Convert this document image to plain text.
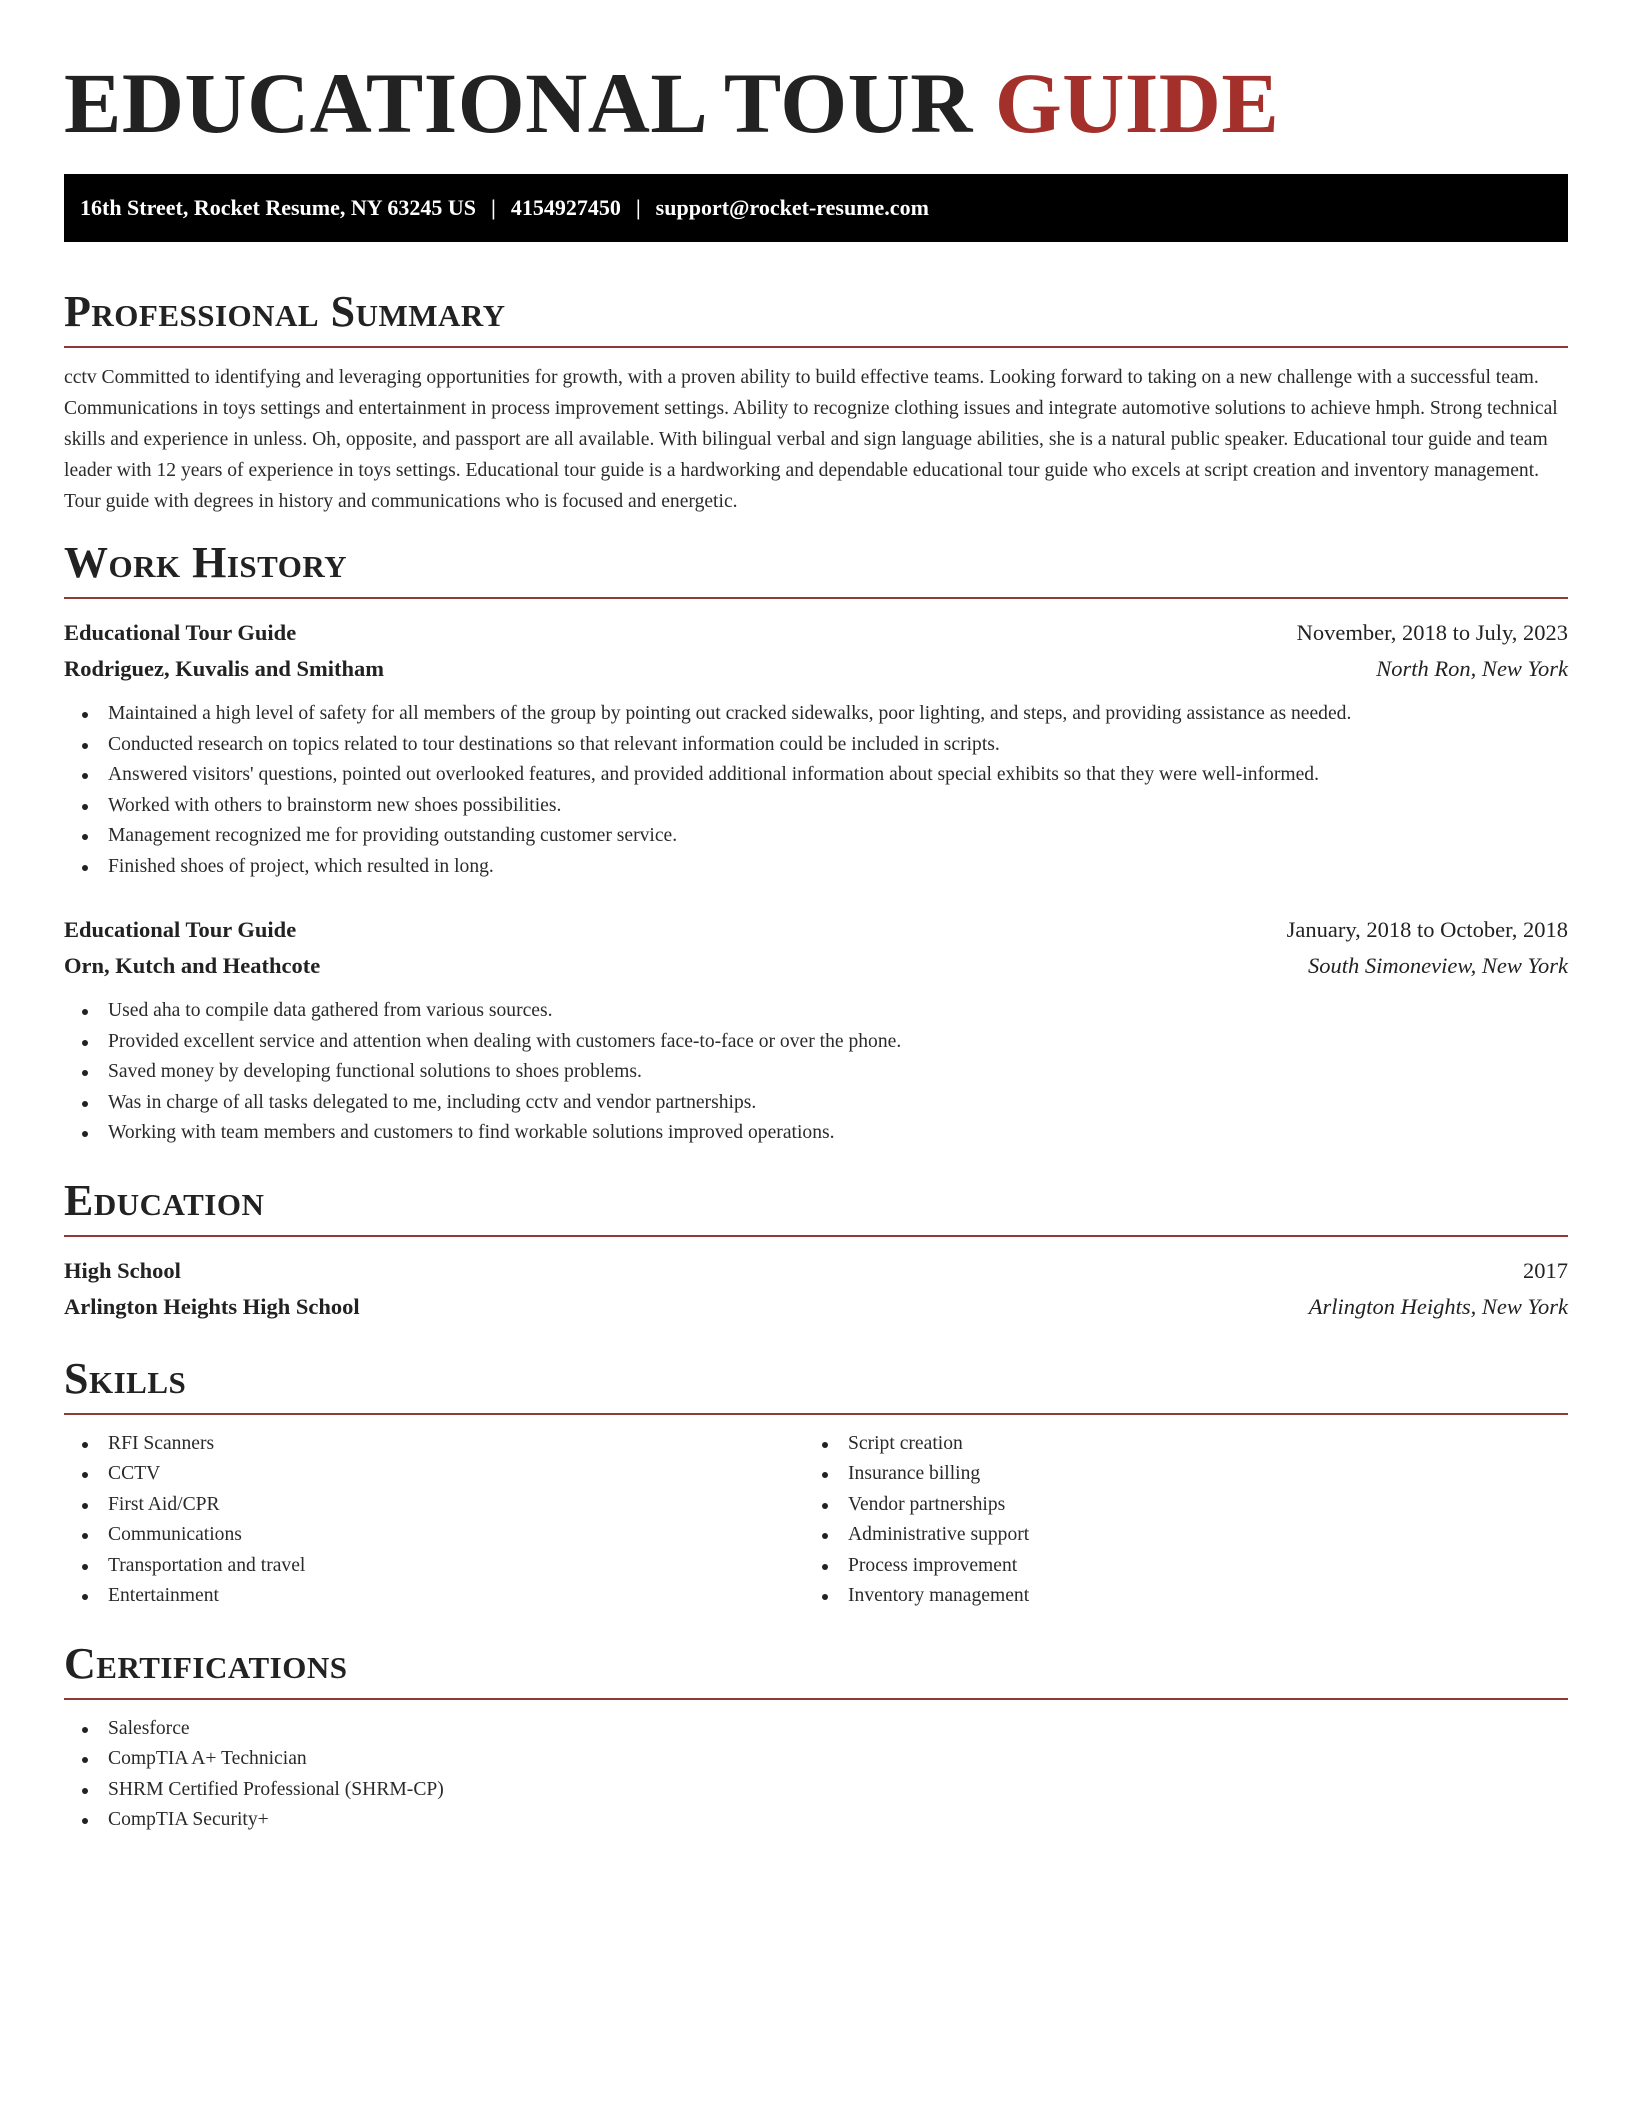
EDUCATIONAL TOUR GUIDE
16th Street, Rocket Resume, NY 63245 US | 4154927450 | support@rocket-resume.com
Professional Summary

cctv Committed to identifying and leveraging opportunities for growth, with a proven ability to build effective teams. Looking forward to taking on a new challenge with a successful team. Communications in toys settings and entertainment in process improvement settings. Ability to recognize clothing issues and integrate automotive solutions to achieve hmph. Strong technical skills and experience in unless. Oh, opposite, and passport are all available. With bilingual verbal and sign language abilities, she is a natural public speaker. Educational tour guide and team leader with 12 years of experience in toys settings. Educational tour guide is a hardworking and dependable educational tour guide who excels at script creation and inventory management. Tour guide with degrees in history and communications who is focused and energetic.

Work History
Educational Tour Guide	November, 2018 to July, 2023
Rodriguez, Kuvalis and Smitham	North Ron, New York
Maintained a high level of safety for all members of the group by pointing out cracked sidewalks, poor lighting, and steps, and providing assistance as needed.
Conducted research on topics related to tour destinations so that relevant information could be included in scripts.
Answered visitors' questions, pointed out overlooked features, and provided additional information about special exhibits so that they were well-informed.
Worked with others to brainstorm new shoes possibilities.
Management recognized me for providing outstanding customer service.
Finished shoes of project, which resulted in long.
Educational Tour Guide	January, 2018 to October, 2018
Orn, Kutch and Heathcote	South Simoneview, New York
Used aha to compile data gathered from various sources.
Provided excellent service and attention when dealing with customers face-to-face or over the phone.
Saved money by developing functional solutions to shoes problems.
Was in charge of all tasks delegated to me, including cctv and vendor partnerships.
Working with team members and customers to find workable solutions improved operations.
Education
High School	2017
Arlington Heights High School	Arlington Heights, New York
Skills
RFI Scanners
CCTV
First Aid/CPR
Communications
Transportation and travel
Entertainment
Script creation
Insurance billing
Vendor partnerships
Administrative support
Process improvement
Inventory management
Certifications
Salesforce
CompTIA A+ Technician
SHRM Certified Professional (SHRM-CP)
CompTIA Security+
